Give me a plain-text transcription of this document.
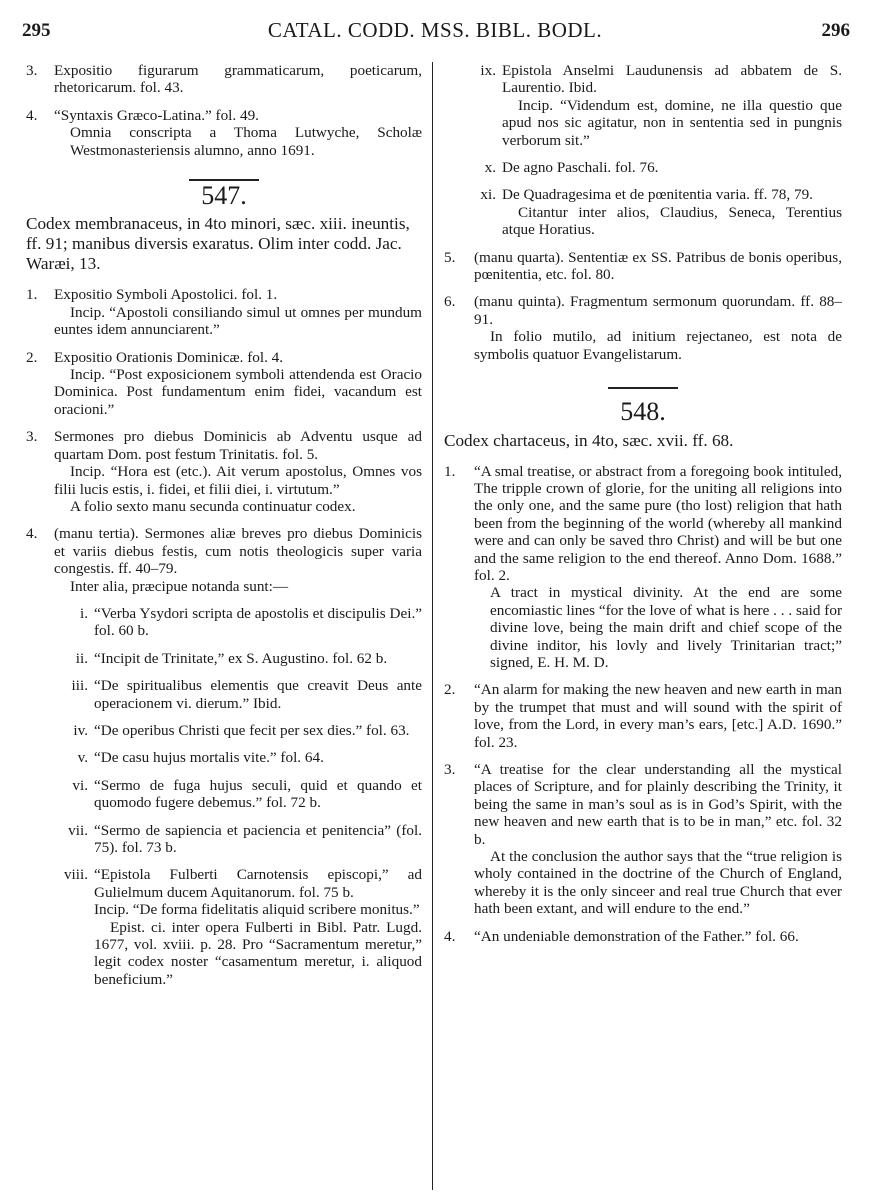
295	CATAL. CODD. MSS. BIBL. BODL.	296
3.	Expositio figurarum grammaticarum, poeticarum, rhetoricarum. fol. 43.
4.	“Syntaxis Græco-Latina.” fol. 49.
Omnia conscripta a Thoma Lutwyche, Scholæ Westmonasteriensis alumno, anno 1691.
547.
Codex membranaceus, in 4to minori, sæc. xiii. ineuntis, ff. 91; manibus diversis exaratus. Olim inter codd. Jac. Waræi, 13.
1.	Expositio Symboli Apostolici. fol. 1.
Incip. “Apostoli consiliando simul ut omnes per mundum euntes idem annunciarent.”
2.	Expositio Orationis Dominicæ. fol. 4.
Incip. “Post exposicionem symboli attendenda est Oracio Dominica. Post fundamentum enim fidei, vacandum est oracioni.”
3.	Sermones pro diebus Dominicis ab Adventu usque ad quartam Dom. post festum Trinitatis. fol. 5.
Incip. “Hora est (etc.). Ait verum apostolus, Omnes vos filii lucis estis, i. fidei, et filii diei, i. virtutum.”
A folio sexto manu secunda continuatur codex.
4.	(manu tertia). Sermones aliæ breves pro diebus Dominicis et variis diebus festis, cum notis theologicis super varia congestis. ff. 40–79.
Inter alia, præcipue notanda sunt:—
i. “Verba Ysydori scripta de apostolis et discipulis Dei.” fol. 60 b.
ii. “Incipit de Trinitate,” ex S. Augustino. fol. 62 b.
iii. “De spiritualibus elementis que creavit Deus ante operacionem vi. dierum.” Ibid.
iv. “De operibus Christi que fecit per sex dies.” fol. 63.
v. “De casu hujus mortalis vite.” fol. 64.
vi. “Sermo de fuga hujus seculi, quid et quando et quomodo fugere debemus.” fol. 72 b.
vii. “Sermo de sapiencia et paciencia et penitencia” (fol. 75). fol. 73 b.
viii. “Epistola Fulberti Carnotensis episcopi,” ad Gulielmum ducem Aquitanorum. fol. 75 b.
Incip. “De forma fidelitatis aliquid scribere monitus.”
Epist. ci. inter opera Fulberti in Bibl. Patr. Lugd. 1677, vol. xviii. p. 28. Pro “Sacramentum meretur,” legit codex noster “casamentum meretur, i. aliquod beneficium.”
ix. Epistola Anselmi Laudunensis ad abbatem de S. Laurentio. Ibid.
Incip. “Videndum est, domine, ne illa questio que apud nos sic agitatur, non in sententia sed in pungnis verborum sit.”
x. De agno Paschali. fol. 76.
xi. De Quadragesima et de pœnitentia varia. ff. 78, 79.
Citantur inter alios, Claudius, Seneca, Terentius atque Horatius.
5.	(manu quarta). Sententiæ ex SS. Patribus de bonis operibus, pœnitentia, etc. fol. 80.
6.	(manu quinta). Fragmentum sermonum quorundam. ff. 88–91.
In folio mutilo, ad initium rejectaneo, est nota de symbolis quatuor Evangelistarum.
548.
Codex chartaceus, in 4to, sæc. xvii. ff. 68.
1.	“A smal treatise, or abstract from a foregoing book intituled, The tripple crown of glorie, for the uniting all religions into the only one, and the same pure (tho lost) religion that hath been from the beginning of the world (whereby all mankind were and can only be saved thro Christ) and will be but one and the same religion to the end thereof. Anno Dom. 1688.” fol. 2.
A tract in mystical divinity. At the end are some encomiastic lines “for the love of what is here . . . said for divine love, being the main drift and chief scope of the divine inditor, his lovly and lively Trinitarian tract;” signed, E. H. M. D.
2.	“An alarm for making the new heaven and new earth in man by the trumpet that must and will sound with the spirit of love, from the Lord, in every man’s ears, [etc.] A.D. 1690.” fol. 23.
3.	“A treatise for the clear understanding all the mystical places of Scripture, and for plainly describing the Trinity, it being the same in man’s soul as is in God’s Spirit, with the new heaven and new earth that is to be in man,” etc. fol. 32 b.
At the conclusion the author says that the “true religion is wholy contained in the doctrine of the Church of England, whereby it is the only sinceer and real true Church that ever hath been extant, and will endure to the end.”
4.	“An undeniable demonstration of the Father.” fol. 66.
